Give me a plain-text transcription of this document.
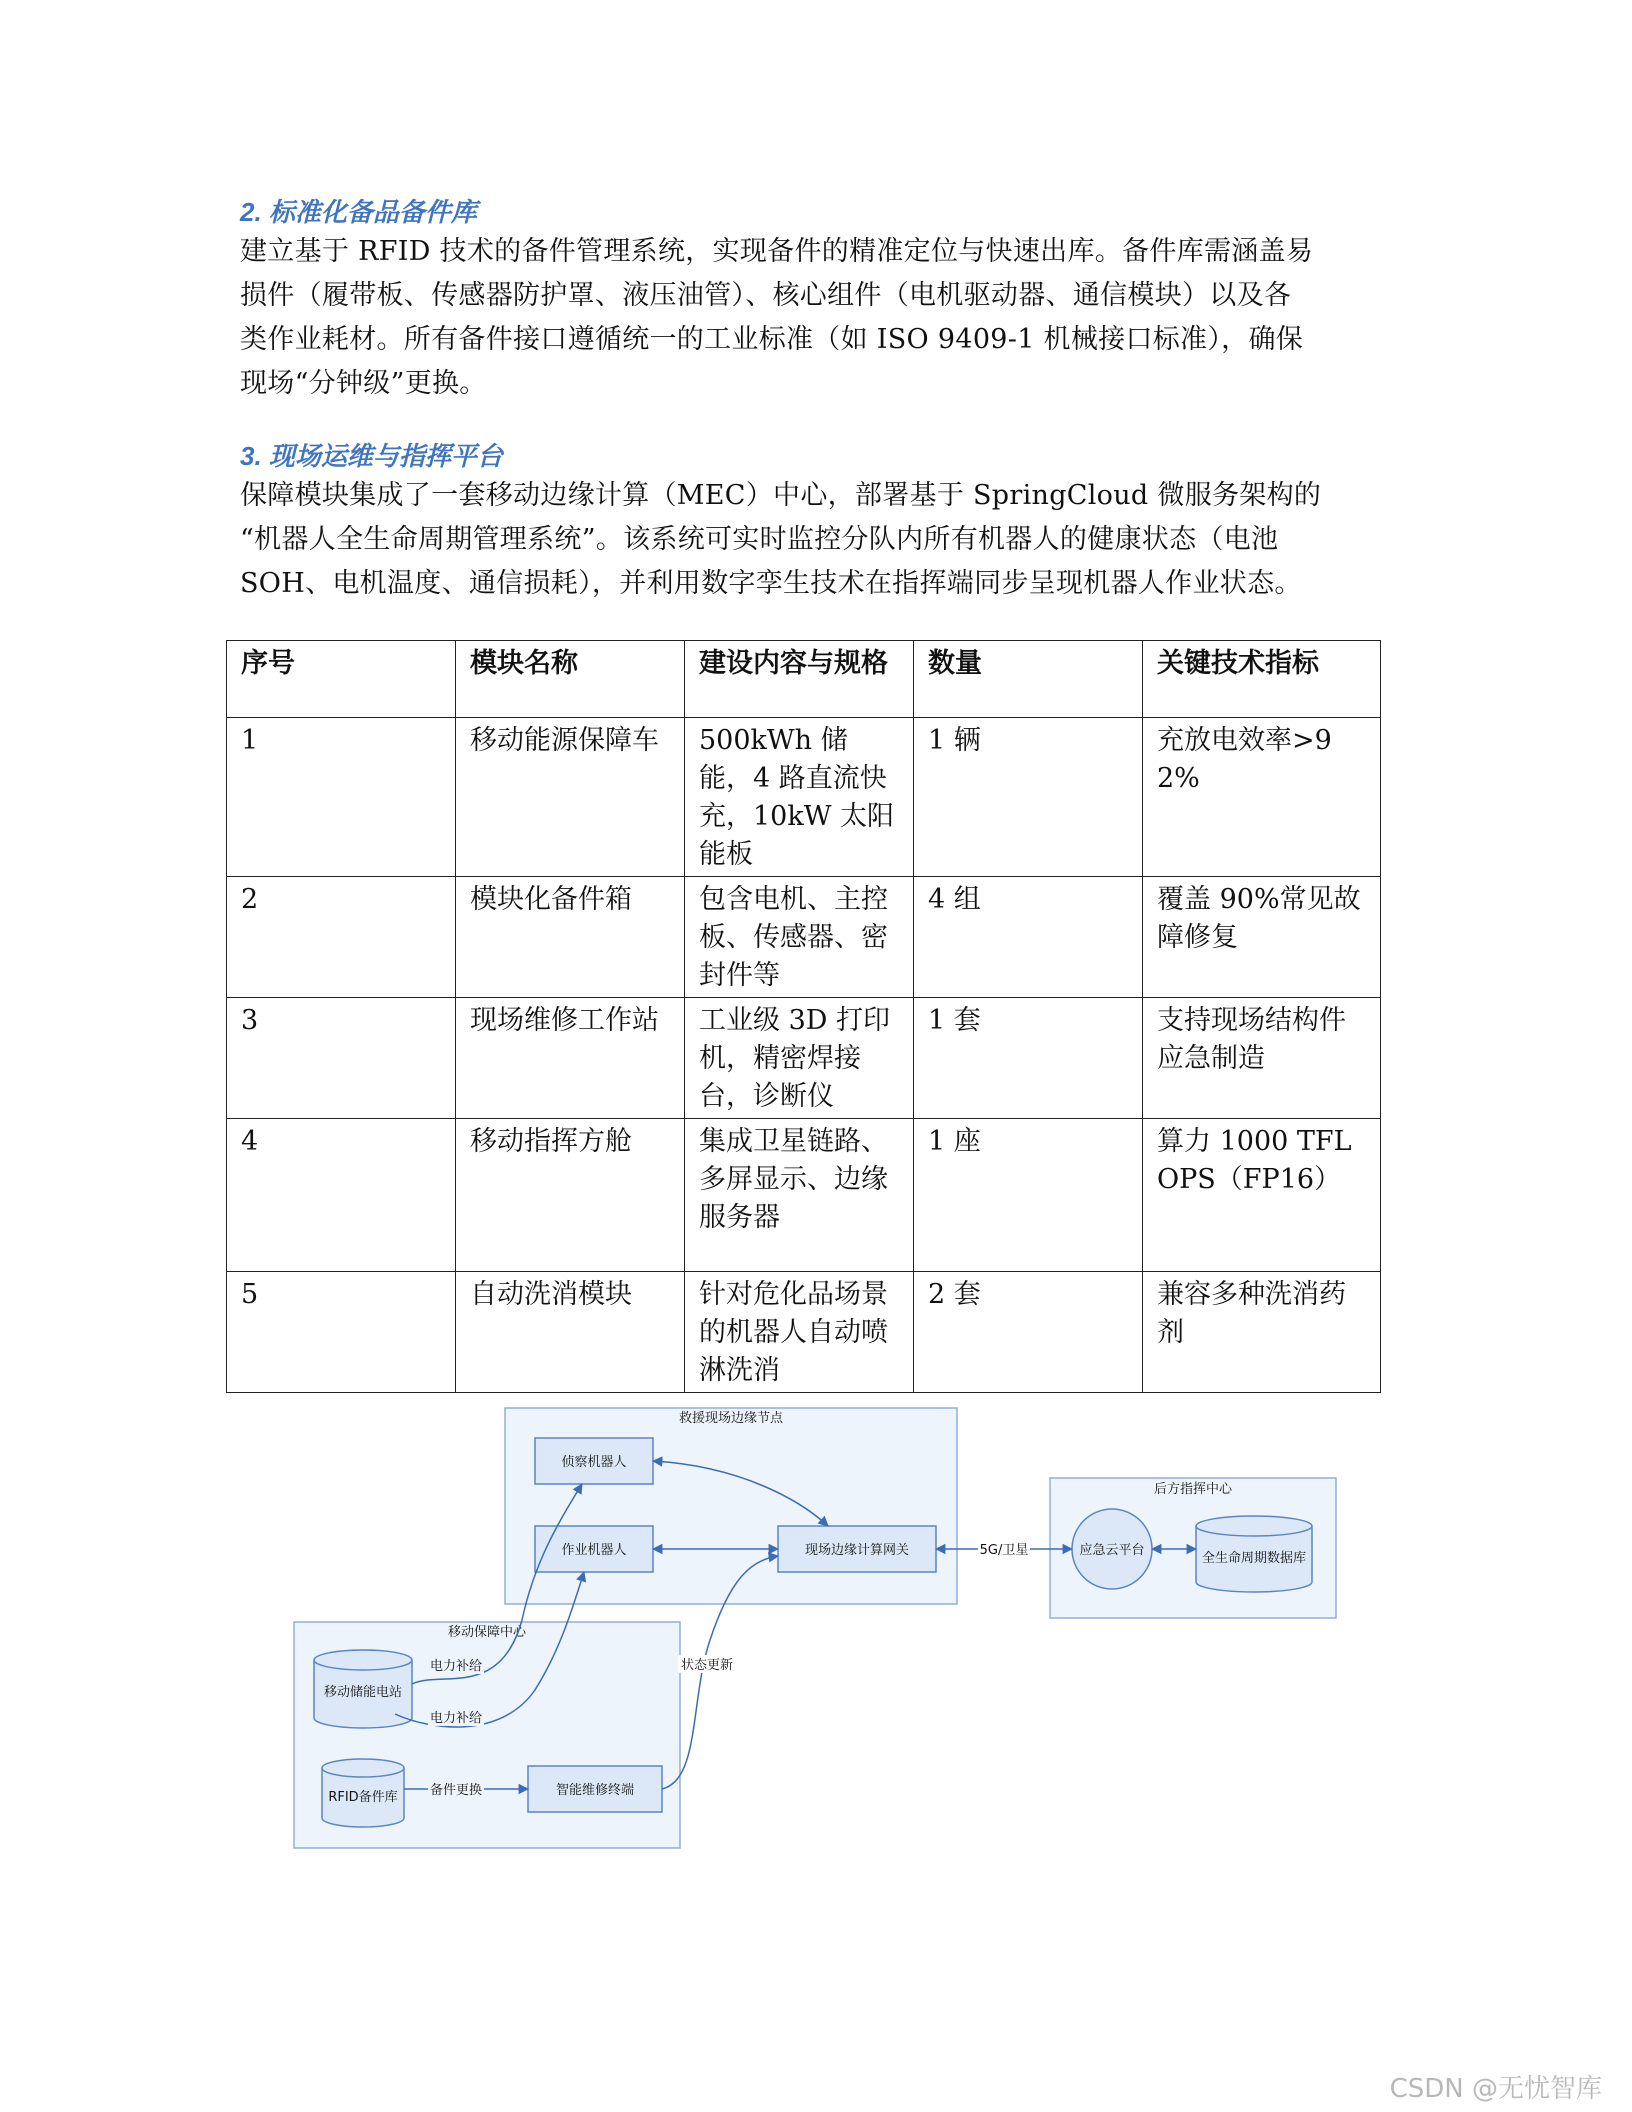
2. 标准化备品备件库
建立基于 RFID 技术的备件管理系统，实现备件的精准定位与快速出库。备件库需涵盖易
损件（履带板、传感器防护罩、液压油管）、核心组件（电机驱动器、通信模块）以及各
类作业耗材。所有备件接口遵循统一的工业标准（如 ISO 9409-1 机械接口标准），确保
现场“分钟级”更换。
3. 现场运维与指挥平台
保障模块集成了一套移动边缘计算（MEC）中心，部署基于 SpringCloud 微服务架构的
“机器人全生命周期管理系统”。该系统可实时监控分队内所有机器人的健康状态（电池
SOH、电机温度、通信损耗），并利用数字孪生技术在指挥端同步呈现机器人作业状态。
序号	模块名称	建设内容与规格	数量	关键技术指标
1	移动能源保障车	500kWh 储能，4 路直流快充，10kW 太阳能板	1 辆	充放电效率>92%
2	模块化备件箱	包含电机、主控板、传感器、密封件等	4 组	覆盖 90%常见故障修复
3	现场维修工作站	工业级 3D 打印机，精密焊接台，诊断仪	1 套	支持现场结构件应急制造
4	移动指挥方舱	集成卫星链路、多屏显示、边缘服务器	1 座	算力 1000 TFLOPS（FP16）
5	自动洗消模块	针对危化品场景的机器人自动喷淋洗消	2 套	兼容多种洗消药剂
救援现场边缘节点
后方指挥中心
移动保障中心
侦察机器人
作业机器人	现场边缘计算网关	应急云平台
全生命周期数据库
移动储能电站
RFID备件库	智能维修终端
5G/卫星
电力补给
电力补给
备件更换
状态更新
CSDN @无忧智库
